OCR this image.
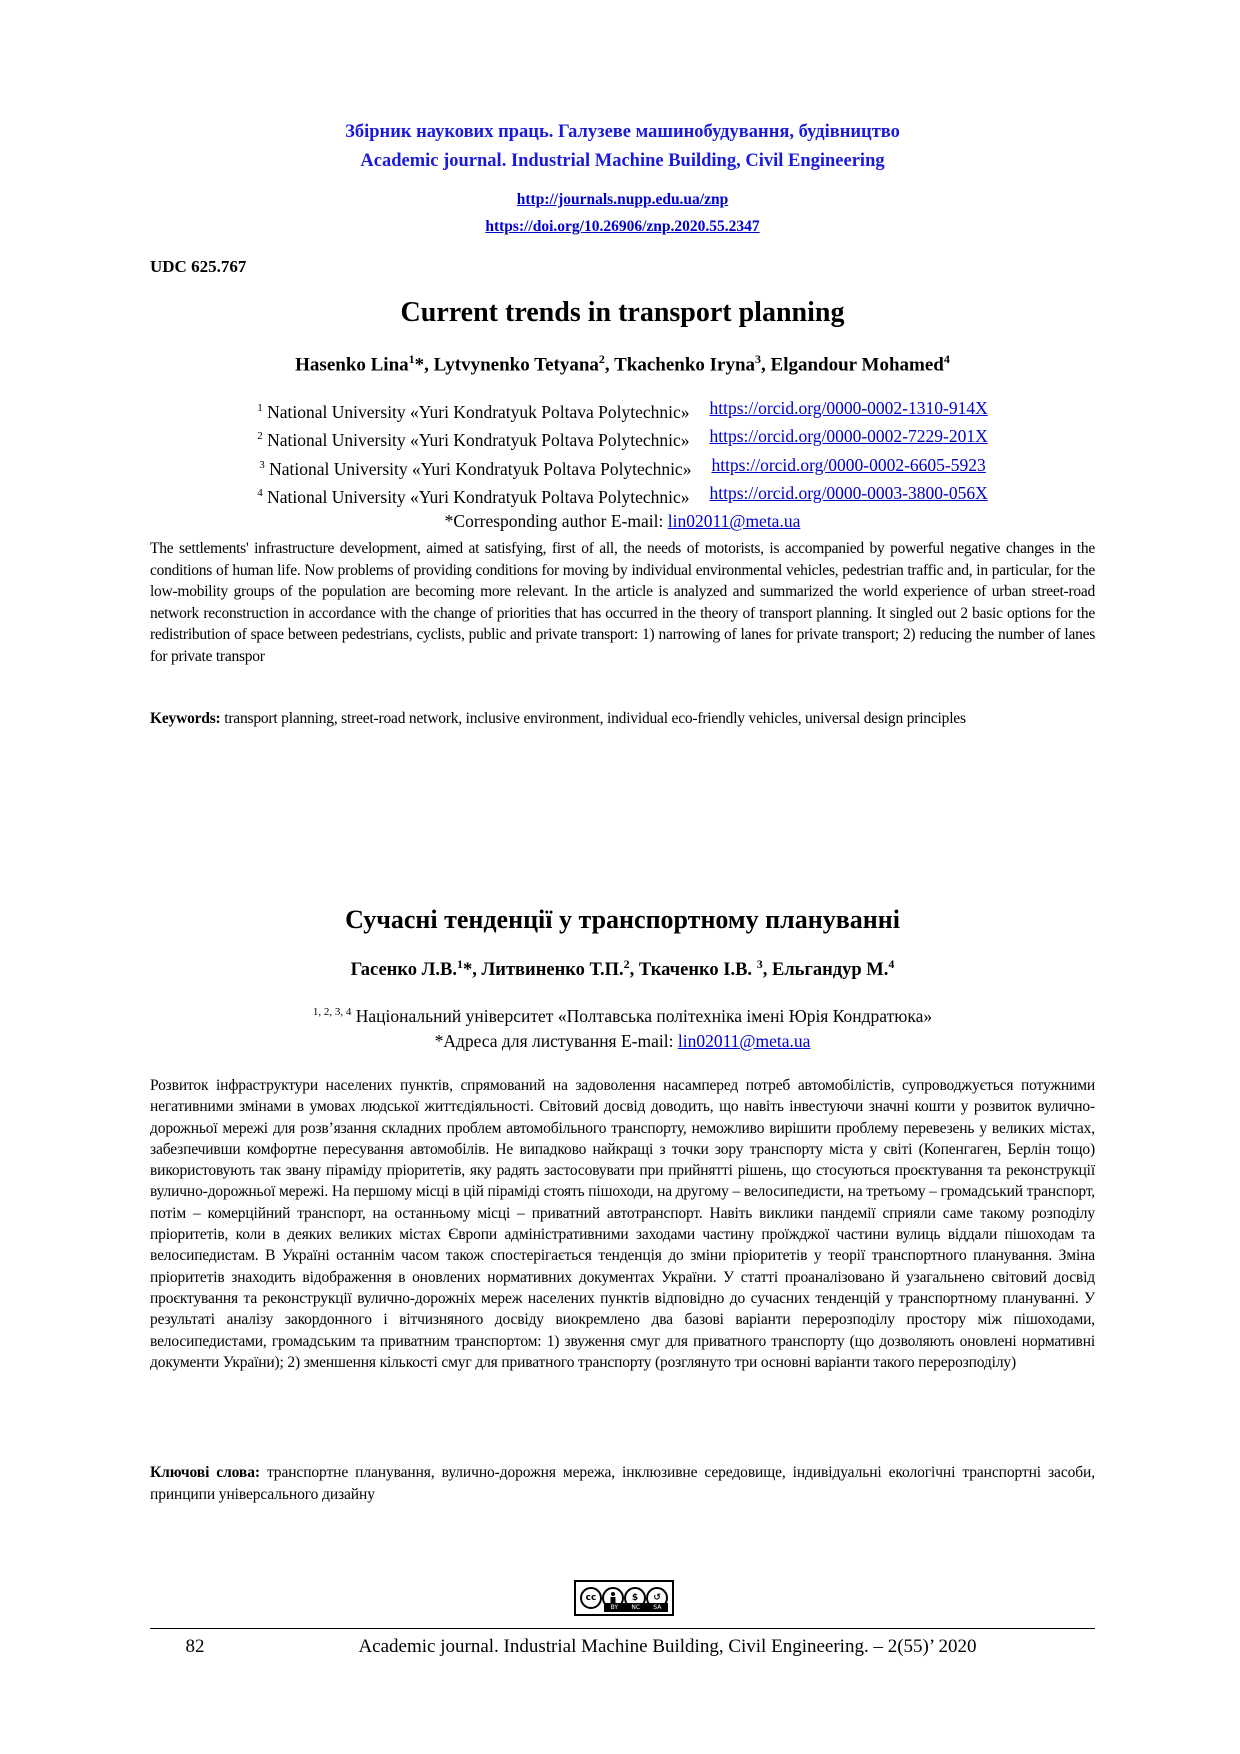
Збірник наукових праць. Галузеве машинобудування, будівництво
Academic journal. Industrial Machine Building, Civil Engineering
http://journals.nupp.edu.ua/znp
https://doi.org/10.26906/znp.2020.55.2347
UDC 625.767
Current trends in transport planning
Hasenko Lina$^1$*, Lytvynenko Tetyana$^2$, Tkachenko Iryna$^3$, Elgandour Mohamed$^4$
$^1$ National University «Yuri Kondratyuk Poltava Polytechnic» https://orcid.org/0000-0002-1310-914X
$^2$ National University «Yuri Kondratyuk Poltava Polytechnic» https://orcid.org/0000-0002-7229-201X
$^3$ National University «Yuri Kondratyuk Poltava Polytechnic» https://orcid.org/0000-0002-6605-5923
$^4$ National University «Yuri Kondratyuk Poltava Polytechnic» https://orcid.org/0000-0003-3800-056X
*Corresponding author E-mail: lin02011@meta.ua
The settlements' infrastructure development, aimed at satisfying, first of all, the needs of motorists, is accompanied by powerful negative changes in the conditions of human life. Now problems of providing conditions for moving by individual environmental vehicles, pedestrian traffic and, in particular, for the low-mobility groups of the population are becoming more relevant. In the article is analyzed and summarized the world experience of urban street-road network reconstruction in accordance with the change of priorities that has occurred in the theory of transport planning. It singled out 2 basic options for the redistribution of space between pedestrians, cyclists, public and private transport: 1) narrowing of lanes for private transport; 2) reducing the number of lanes for private transpor
Keywords: transport planning, street-road network, inclusive environment, individual eco-friendly vehicles, universal design principles
Сучасні тенденції у транспортному плануванні
Гасенко Л.В.$^1$*, Литвиненко Т.П.$^2$, Ткаченко І.В. $^3$, Ельгандур М.$^4$
$^{1, 2, 3, 4}$ Національний університет «Полтавська політехніка імені Юрія Кондратюка»
*Адреса для листування E-mail: lin02011@meta.ua
Розвиток інфраструктури населених пунктів, спрямований на задоволення насамперед потреб автомобілістів, супроводжується потужними негативними змінами в умовах людської життєдіяльності. Світовий досвід доводить, що навіть інвестуючи значні кошти у розвиток вулично-дорожньої мережі для розв’язання складних проблем автомобільного транспорту, неможливо вирішити проблему перевезень у великих містах, забезпечивши комфортне пересування автомобілів. Не випадково найкращі з точки зору транспорту міста у світі (Копенгаген, Берлін тощо) використовують так звану піраміду пріоритетів, яку радять застосовувати при прийнятті рішень, що стосуються проєктування та реконструкції вулично-дорожньої мережі. На першому місці в цій піраміді стоять пішоходи, на другому – велосипедисти, на третьому – громадський транспорт, потім – комерційний транспорт, на останньому місці – приватний автотранспорт. Навіть виклики пандемії сприяли саме такому розподілу пріоритетів, коли в деяких великих містах Європи адміністративними заходами частину проїжджої частини вулиць віддали пішоходам та велосипедистам. В Україні останнім часом також спостерігається тенденція до зміни пріоритетів у теорії транспортного планування. Зміна пріоритетів знаходить відображення в оновлених нормативних документах України. У статті проаналізовано й узагальнено світовий досвід проєктування та реконструкції вулично-дорожніх мереж населених пунктів відповідно до сучасних тенденцій у транспортному плануванні. У результаті аналізу закордонного і вітчизняного досвіду виокремлено два базові варіанти перерозподілу простору між пішоходами, велосипедистами, громадським та приватним транспортом: 1) звуження смуг для приватного транспорту (що дозволяють оновлені нормативні документи України); 2) зменшення кількості смуг для приватного транспорту (розглянуто три основні варіанти такого перерозподілу)
Ключові слова: транспортне планування, вулично-дорожня мережа, інклюзивне середовище, індивідуальні екологічні транспортні засоби, принципи універсального дизайну
cc	$	↺
BY NC SA
82	Academic journal. Industrial Machine Building, Civil Engineering. – 2(55)’ 2020
